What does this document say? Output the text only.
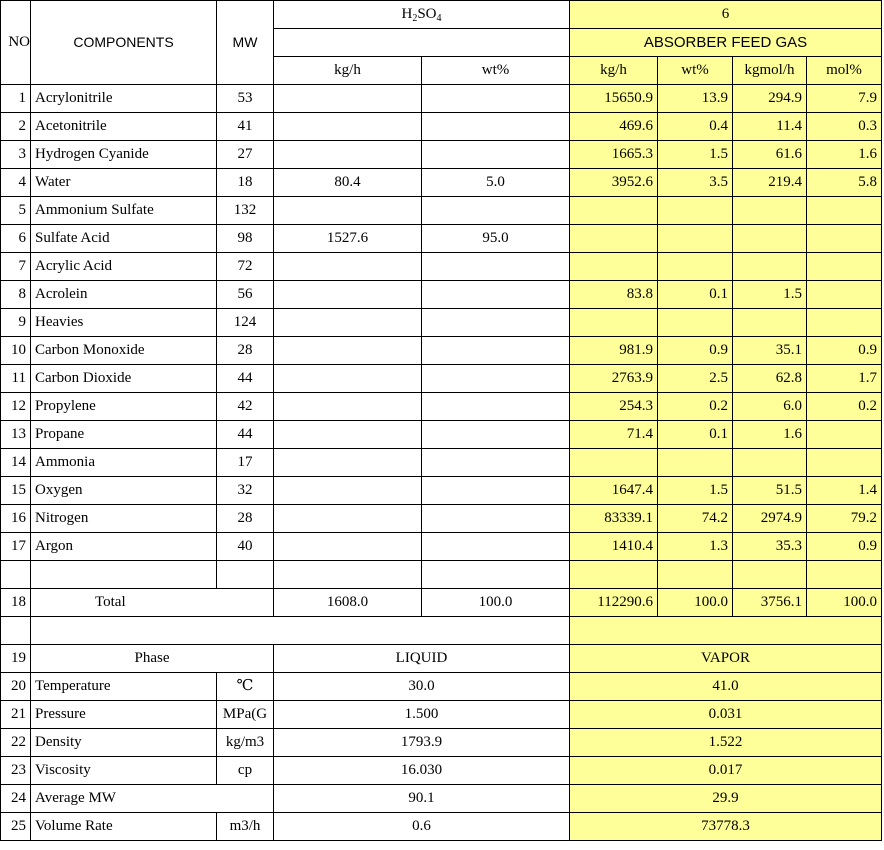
NO	COMPONENTS	MW	$H_2SO_4$		6			
					ABSORBER FEED GAS			
			kg/h	wt%	kg/h	wt%	kgmol/h	mol%
1	Acrylonitrile	53			15650.9	13.9	294.9	7.9
2	Acetonitrile	41			469.6	0.4	11.4	0.3
3	Hydrogen Cyanide	27			1665.3	1.5	61.6	1.6
4	Water	18	80.4	5.0	3952.6	3.5	219.4	5.8
5	Ammonium Sulfate	132						
6	Sulfate Acid	98	1527.6	95.0				
7	Acrylic Acid	72						
8	Acrolein	56			83.8	0.1	1.5	
9	Heavies	124						
10	Carbon Monoxide	28			981.9	0.9	35.1	0.9
11	Carbon Dioxide	44			2763.9	2.5	62.8	1.7
12	Propylene	42			254.3	0.2	6.0	0.2
13	Propane	44			71.4	0.1	1.6	
14	Ammonia	17						
15	Oxygen	32			1647.4	1.5	51.5	1.4
16	Nitrogen	28			83339.1	74.2	2974.9	79.2
17	Argon	40			1410.4	1.3	35.3	0.9

18	Total		1608.0	100.0	112290.6	100.0	3756.1	100.0

19	Phase		LIQUID		VAPOR			
20	Temperature	℃	30.0		41.0			
21	Pressure	MPa(G	1.500		0.031			
22	Density	kg/m3	1793.9		1.522			
23	Viscosity	cp	16.030		0.017			
24	Average MW		90.1		29.9			
25	Volume Rate	m3/h	0.6		73778.3			
